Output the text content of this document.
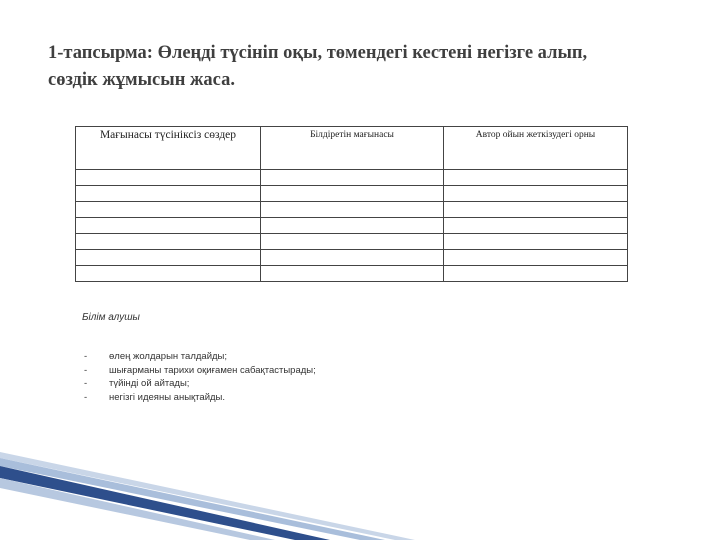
1-тапсырма: Өлеңді түсініп оқы, төмендегі кестені негізге алып,
сөздік жұмысын жаса.
Мағынасы түсініксіз сөздер	Білдіретін мағынасы	Автор ойын жеткізудегі орны

Білім алушы
- өлең жолдарын талдайды;
- шығарманы тарихи оқиғамен сабақтастырады;
- түйінді ой айтады;
- негізгі идеяны анықтайды.
